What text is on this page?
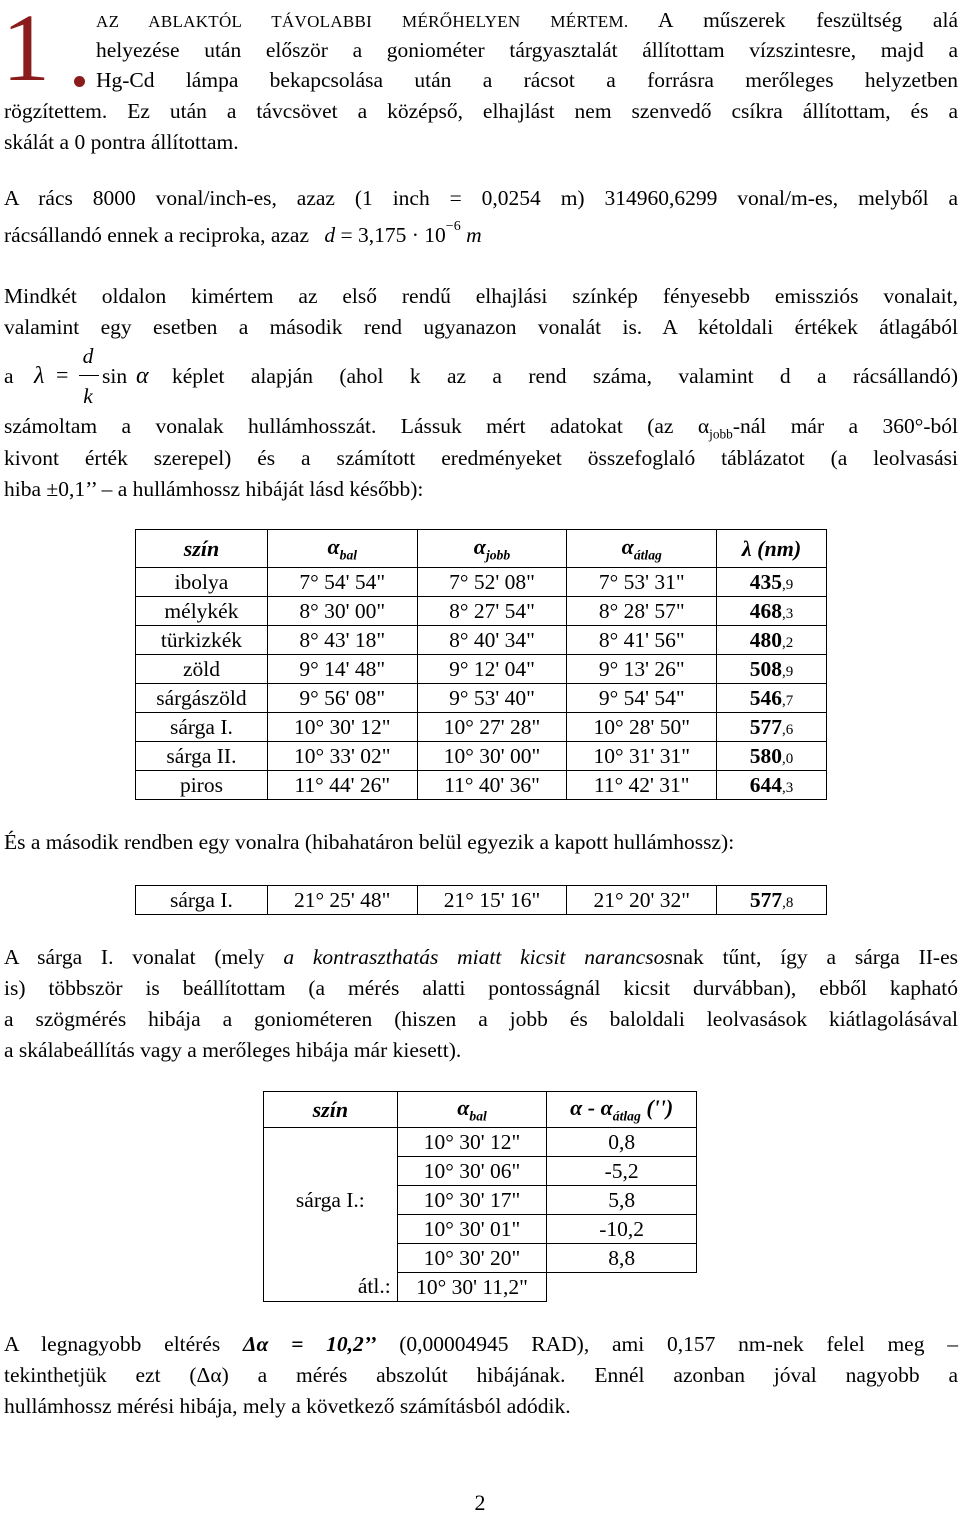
1	AZ ABLAKTÓL TÁVOLABBI MÉRŐHELYEN MÉRTEM. A műszerek feszültség alá
helyezése után először a goniométer tárgyasztalát állítottam vízszintesre, majd a
Hg-Cd lámpa bekapcsolása után a rácsot a forrásra merőleges helyzetben
rögzítettem. Ez után a távcsövet a középső, elhajlást nem szenvedő csíkra állítottam, és a
skálát a 0 pontra állítottam.
A rács 8000 vonal/inch-es, azaz (1 inch = 0,0254 m) 314960,6299 vonal/m-es, melyből a
rácsállandó ennek a reciproka, azaz $d = 3,175 \cdot 10^{-6}$ m
Mindkét oldalon kimértem az első rendű elhajlási színkép fényesebb emissziós vonalait,
valamint egy esetben a második rend ugyanazon vonalát is. A kétoldali értékek átlagából
a λ =
d
k
sin α képlet alapján (ahol k az a rend száma, valamint d a rácsállandó)
számoltam a vonalak hullámhosszát. Lássuk mért adatokat (az $\alpha_{jobb}$-nál már a 360°-ból
kivont érték szerepel) és a számított eredményeket összefoglaló táblázatot (a leolvasási
hiba ±0,1’’ – a hullámhossz hibáját lásd később):
szín	$\alpha_{bal}$	$\alpha_{jobb}$	$\alpha_{átlag}$	λ (nm)
ibolya	7° 54' 54"	7° 52' 08"	7° 53' 31"	435,9
mélykék	8° 30' 00"	8° 27' 54"	8° 28' 57"	468,3
türkizkék	8° 43' 18"	8° 40' 34"	8° 41' 56"	480,2
zöld	9° 14' 48"	9° 12' 04"	9° 13' 26"	508,9
sárgászöld	9° 56' 08"	9° 53' 40"	9° 54' 54"	546,7
sárga I.	10° 30' 12"	10° 27' 28"	10° 28' 50"	577,6
sárga II.	10° 33' 02"	10° 30' 00"	10° 31' 31"	580,0
piros	11° 44' 26"	11° 40' 36"	11° 42' 31"	644,3
És a második rendben egy vonalra (hibahatáron belül egyezik a kapott hullámhossz):
sárga I.	21° 25' 48"	21° 15' 16"	21° 20' 32"	577,8
A sárga I. vonalat (mely a kontraszthatás miatt kicsit narancsosnak tűnt, így a sárga II-es
is) többször is beállítottam (a mérés alatti pontosságnál kicsit durvábban), ebből kapható
a szögmérés hibája a goniométeren (hiszen a jobb és baloldali leolvasások kiátlagolásával
a skálabeállítás vagy a merőleges hibája már kiesett).
szín	$\alpha_{bal}$	α - $\alpha_{átlag}$ ('')
sárga I.:	10° 30' 12"	0,8
	10° 30' 06"	-5,2
	10° 30' 17"	5,8
	10° 30' 01"	-10,2
	10° 30' 20"	8,8
átl.:	10° 30' 11,2"	
A legnagyobb eltérés Δα = 10,2’’ (0,00004945 RAD), ami 0,157 nm-nek felel meg –
tekinthetjük ezt (Δα) a mérés abszolút hibájának. Ennél azonban jóval nagyobb a
hullámhossz mérési hibája, mely a következő számításból adódik.
2
